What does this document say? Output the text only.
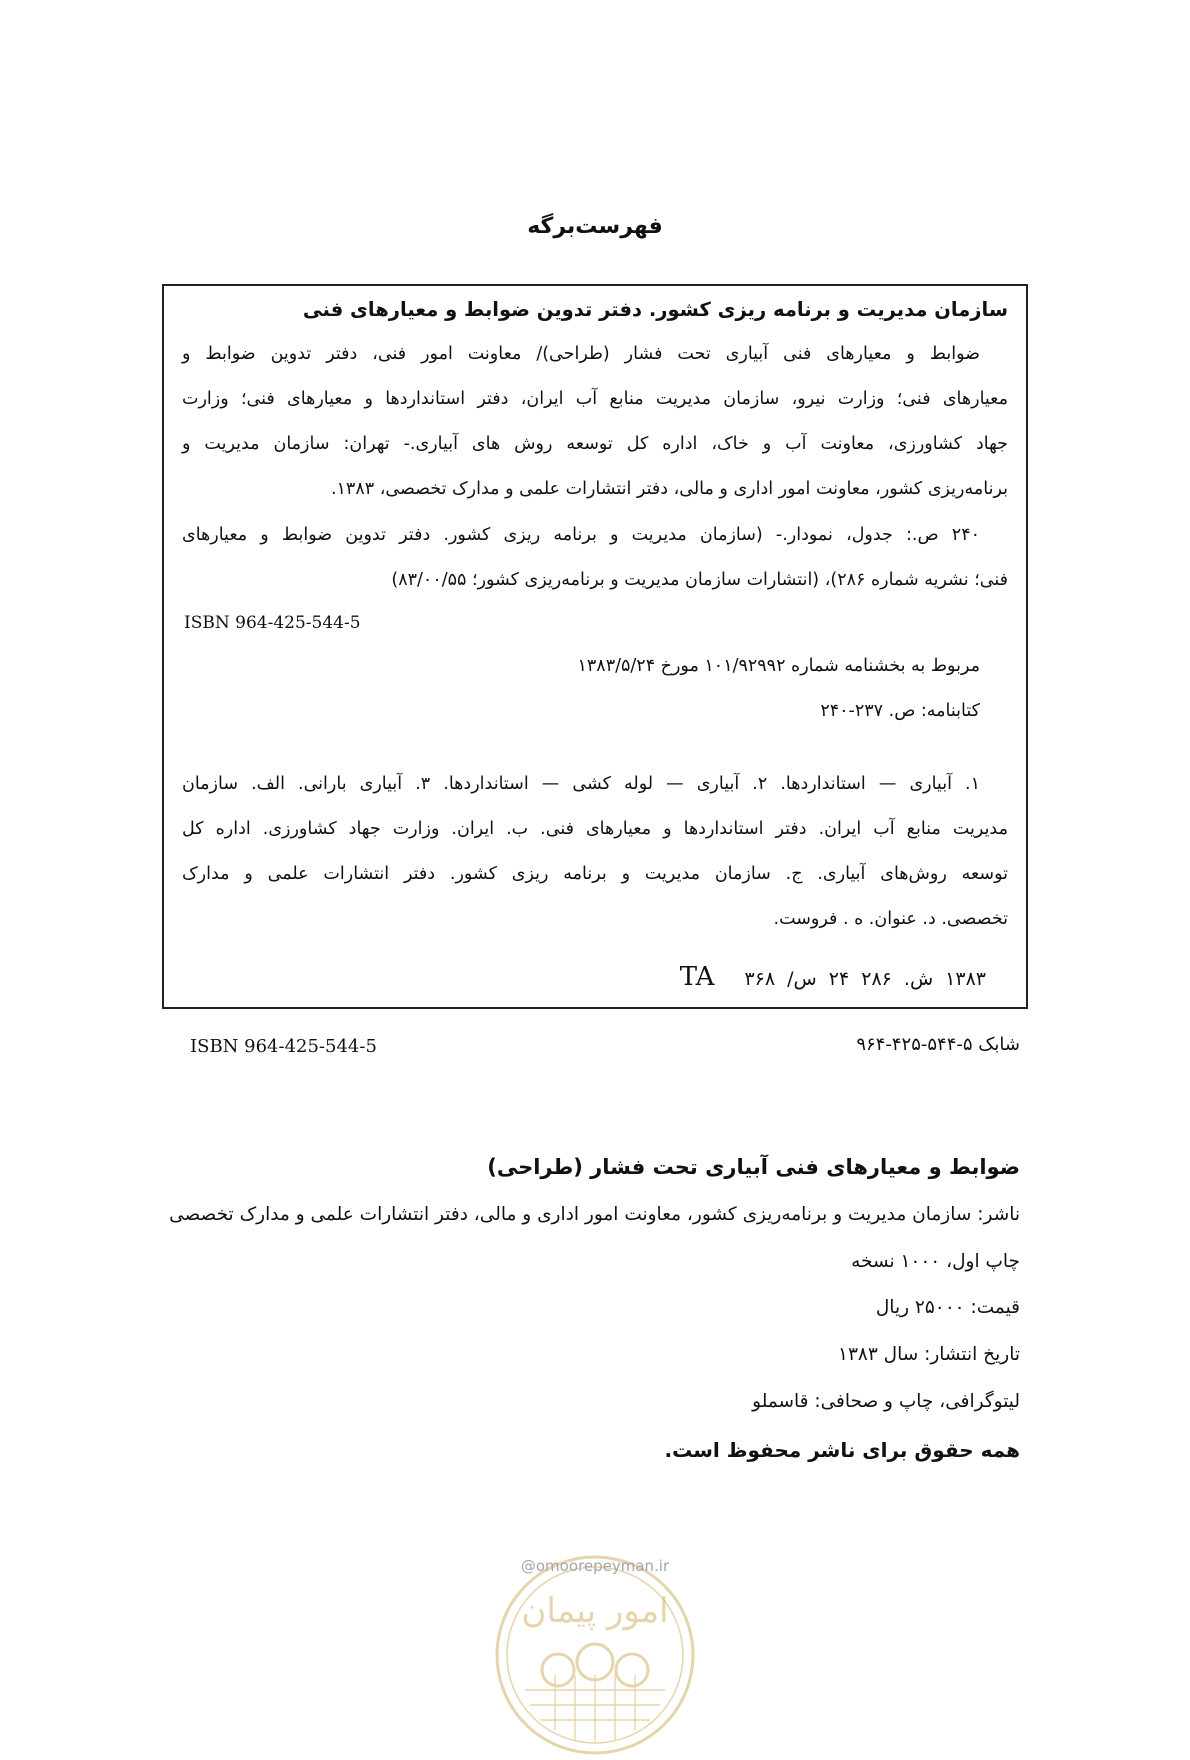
فهرست‌برگه
سازمان مدیریت و برنامه ریزی کشور. دفتر تدوین ضوابط و معیارهای فنی
ضوابط و معیارهای فنی آبیاری تحت فشار (طراحی)/ معاونت امور فنی، دفتر تدوین ضوابط و
معیارهای فنی؛ وزارت نیرو، سازمان مدیریت منابع آب ایران، دفتر استانداردها و معیارهای فنی؛ وزارت
جهاد کشاورزی، معاونت آب و خاک، اداره کل توسعه روش های آبیاری.- تهران: سازمان مدیریت و
برنامه‌ریزی کشور، معاونت امور اداری و مالی، دفتر انتشارات علمی و مدارک تخصصی، ۱۳۸۳.
۲۴۰ ص.: جدول، نمودار.- (سازمان مدیریت و برنامه ریزی کشور. دفتر تدوین ضوابط و معیارهای
فنی؛ نشریه شماره ۲۸۶)، (انتشارات سازمان مدیریت و برنامه‌ریزی کشور؛ ۸۳/۰۰/۵۵)
ISBN 964-425-544-5
مربوط به بخشنامه شماره ۱۰۱/۹۲۹۹۲ مورخ ۱۳۸۳/۵/۲۴
کتابنامه: ص. ۲۳۷-۲۴۰
۱. آبیاری — استانداردها. ۲. آبیاری — لوله کشی — استانداردها. ۳. آبیاری بارانی. الف. سازمان
مدیریت منابع آب ایران. دفتر استانداردها و معیارهای فنی. ب. ایران. وزارت جهاد کشاورزی. اداره کل
توسعه روش‌های آبیاری. ج. سازمان مدیریت و برنامه ریزی کشور. دفتر انتشارات علمی و مدارک
تخصصی. د. عنوان. ه . فروست.
۱۳۸۳ ش. ۲۸۶ ۲۴ س/ ۳۶۸ TA
ISBN 964-425-544-5	شابک ۵-۵۴۴-۴۲۵-۹۶۴
ضوابط و معیارهای فنی آبیاری تحت فشار (طراحی)
ناشر: سازمان مدیریت و برنامه‌ریزی کشور، معاونت امور اداری و مالی، دفتر انتشارات علمی و مدارک تخصصی
چاپ اول، ۱۰۰۰ نسخه
قیمت: ۲۵۰۰۰ ریال
تاریخ انتشار: سال ۱۳۸۳
لیتوگرافی، چاپ و صحافی: قاسملو
امور پیمان
همه حقوق برای ناشر محفوظ است.
@omoorepeyman.ir
